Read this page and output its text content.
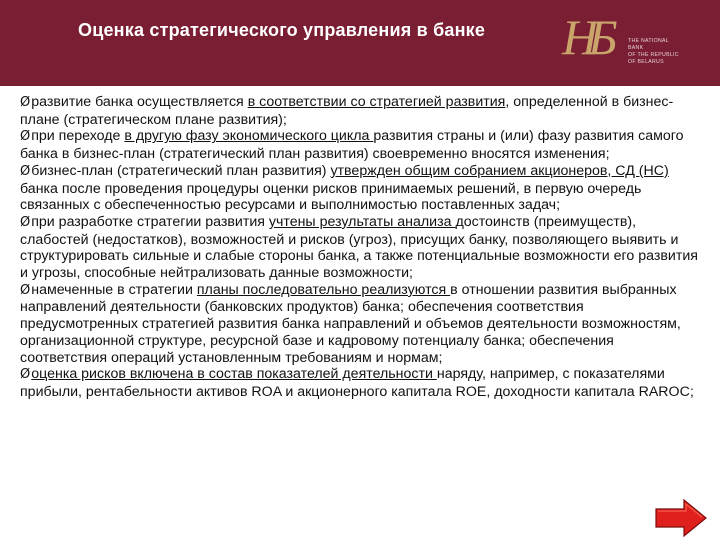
Оценка стратегического управления в банке НБ	THE NATIONAL
BANK
OF THE REPUBLIC
OF BELARUS

Øразвитие банка осуществляется в соответствии со стратегией развития, определенной в бизнес-плане (стратегическом плане развития);

Øпри переходе в другую фазу экономического цикла развития страны и (или) фазу развития самого банка в бизнес-план (стратегический план развития) своевременно вносятся изменения;

Øбизнес-план (стратегический план развития) утвержден общим собранием акционеров, СД (НС) банка после проведения процедуры оценки рисков принимаемых решений, в первую очередь связанных с обеспеченностью ресурсами и выполнимостью поставленных задач;

Øпри разработке стратегии развития учтены результаты анализа достоинств (преимуществ), слабостей (недостатков), возможностей и рисков (угроз), присущих банку, позволяющего выявить и структурировать сильные и слабые стороны банка, а также потенциальные возможности его развития и угрозы, способные нейтрализовать данные возможности;

Øнамеченные в стратегии планы последовательно реализуются в отношении развития выбранных направлений деятельности (банковских продуктов) банка; обеспечения соответствия предусмотренных стратегией развития банка направлений и объемов деятельности возможностям, организационной структуре, ресурсной базе и кадровому потенциалу банка; обеспечения соответствия операций установленным требованиям и нормам;

Øоценка рисков включена в состав показателей деятельности наряду, например, с показателями прибыли, рентабельности активов ROA и акционерного капитала ROE, доходности капитала RAROC;
